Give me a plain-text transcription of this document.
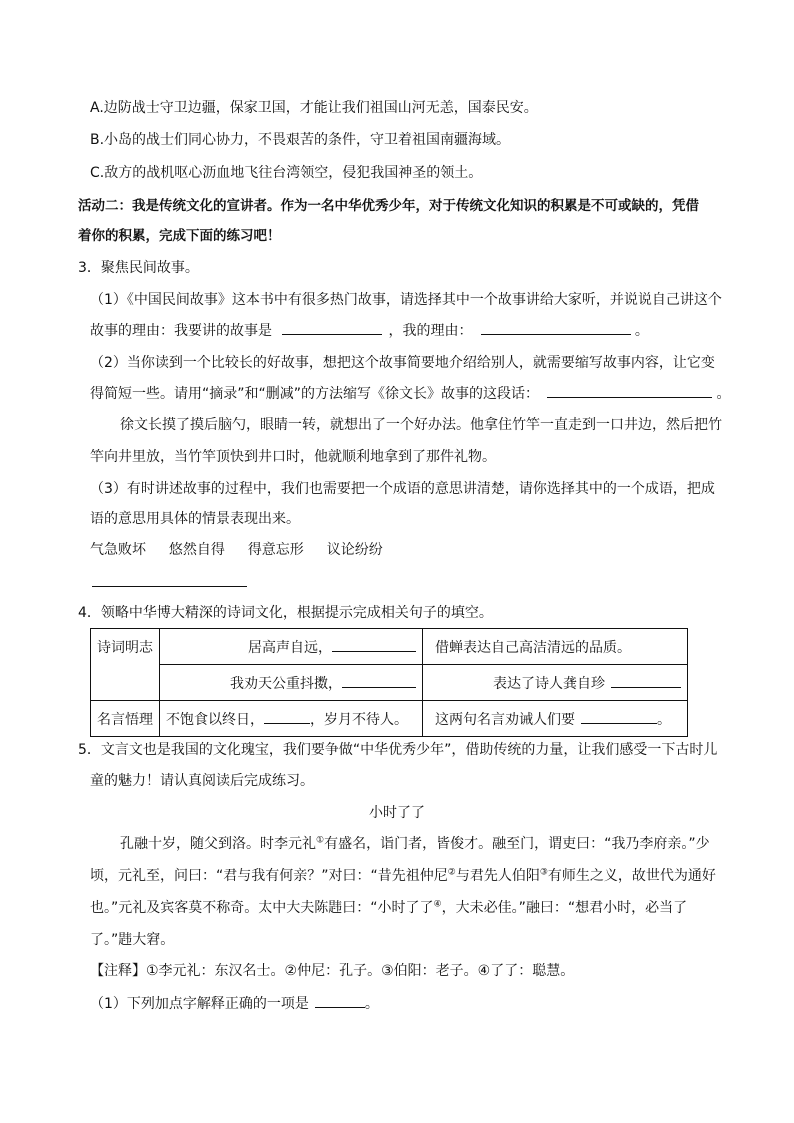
A.边防战士守卫边疆，保家卫国，才能让我们祖国山河无恙，国泰民安。
B.小岛的战士们同心协力，不畏艰苦的条件，守卫着祖国南疆海域。
C.敌方的战机呕心沥血地飞往台湾领空，侵犯我国神圣的领土。
活动二：我是传统文化的宣讲者。作为一名中华优秀少年，对于传统文化知识的积累是不可或缺的，凭借
着你的积累，完成下面的练习吧！
3．聚焦民间故事。
（1）《中国民间故事》这本书中有很多热门故事，请选择其中一个故事讲给大家听，并说说自己讲这个
故事的理由：我要讲的故事是	，我的理由：	。
（2）当你读到一个比较长的好故事，想把这个故事简要地介绍给别人，就需要缩写故事内容，让它变
得简短一些。请用“摘录”和“删减”的方法缩写《徐文长》故事的这段话：	。
徐文长摸了摸后脑勺，眼睛一转，就想出了一个好办法。他拿住竹竿一直走到一口井边，然后把竹
竿向井里放，当竹竿顶快到井口时，他就顺利地拿到了那件礼物。
（3）有时讲述故事的过程中，我们也需要把一个成语的意思讲清楚，请你选择其中的一个成语，把成
语的意思用具体的情景表现出来。
气急败坏 悠然自得 得意忘形 议论纷纷
4．领略中华博大精深的诗词文化，根据提示完成相关句子的填空。
诗词明志	居高声自远，	借蝉表达自己高洁清远的品质。
	我劝天公重抖擞，	表达了诗人龚自珍
名言悟理	不饱食以终日， ，岁月不待人。	这两句名言劝诫人们要 。
5．文言文也是我国的文化瑰宝，我们要争做“中华优秀少年”，借助传统的力量，让我们感受一下古时儿
童的魅力！请认真阅读后完成练习。
小时了了
孔融十岁，随父到洛。时李元礼①有盛名，诣门者，皆俊才。融至门，谓吏曰：“我乃李府亲。”少
顷，元礼至，问曰：“君与我有何亲？”对曰：“昔先祖仲尼②与君先人伯阳③有师生之义，故世代为通好
也。”元礼及宾客莫不称奇。太中大夫陈韪曰：“小时了了④，大未必佳。”融曰：“想君小时，必当了
了。”韪大窘。
【注释】①李元礼：东汉名士。②仲尼：孔子。③伯阳：老子。④了了：聪慧。
（1）下列加点字解释正确的一项是	。
